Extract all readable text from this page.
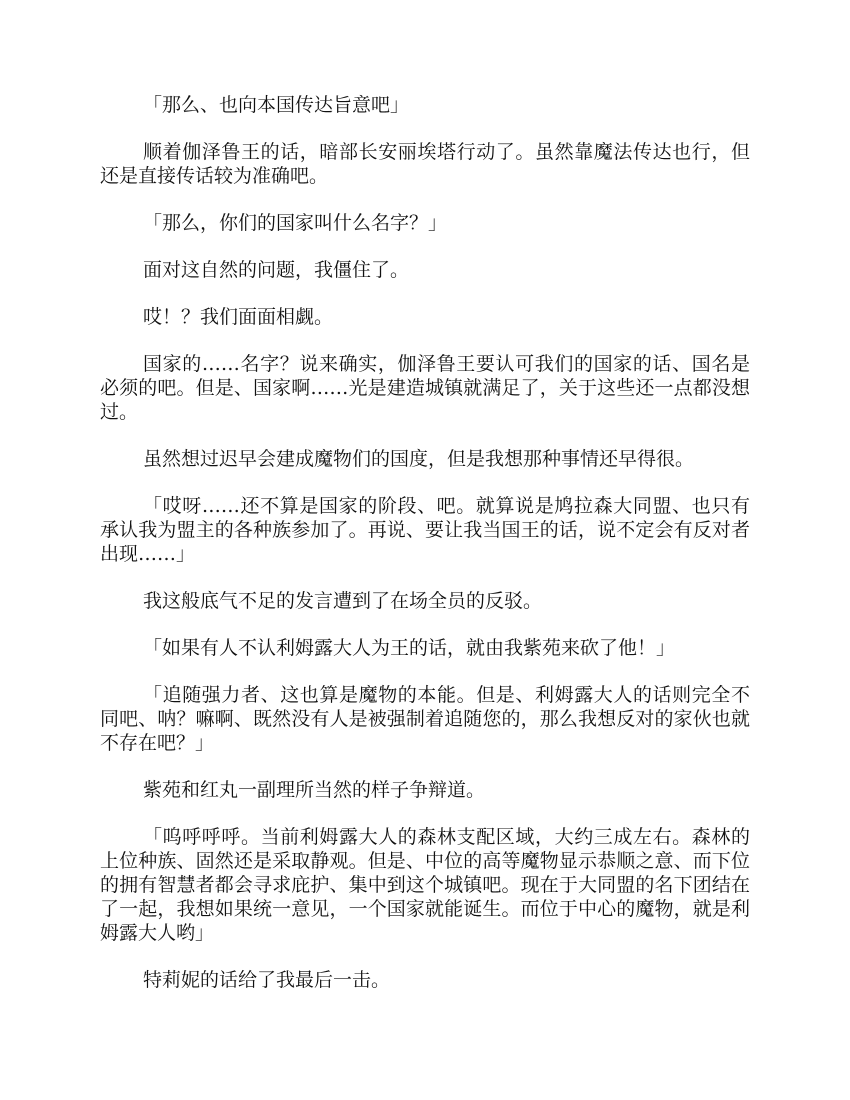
「那么、也向本国传达旨意吧」

顺着伽泽鲁王的话，暗部长安丽埃塔行动了。虽然靠魔法传达也行，但还是直接传话较为准确吧。

「那么，你们的国家叫什么名字？」

面对这自然的问题，我僵住了。

哎！？我们面面相觑。

国家的……名字？说来确实，伽泽鲁王要认可我们的国家的话、国名是必须的吧。但是、国家啊……光是建造城镇就满足了，关于这些还一点都没想过。

虽然想过迟早会建成魔物们的国度，但是我想那种事情还早得很。

「哎呀……还不算是国家的阶段、吧。就算说是鸠拉森大同盟、也只有承认我为盟主的各种族参加了。再说、要让我当国王的话，说不定会有反对者出现……」

我这般底气不足的发言遭到了在场全员的反驳。

「如果有人不认利姆露大人为王的话，就由我紫苑来砍了他！」

「追随强力者、这也算是魔物的本能。但是、利姆露大人的话则完全不同吧、呐？嘛啊、既然没有人是被强制着追随您的，那么我想反对的家伙也就不存在吧？」

紫苑和红丸一副理所当然的样子争辩道。

「呜呼呼呼。当前利姆露大人的森林支配区域，大约三成左右。森林的上位种族、固然还是采取静观。但是、中位的高等魔物显示恭顺之意、而下位的拥有智慧者都会寻求庇护、集中到这个城镇吧。现在于大同盟的名下团结在了一起，我想如果统一意见，一个国家就能诞生。而位于中心的魔物，就是利姆露大人哟」

特莉妮的话给了我最后一击。
